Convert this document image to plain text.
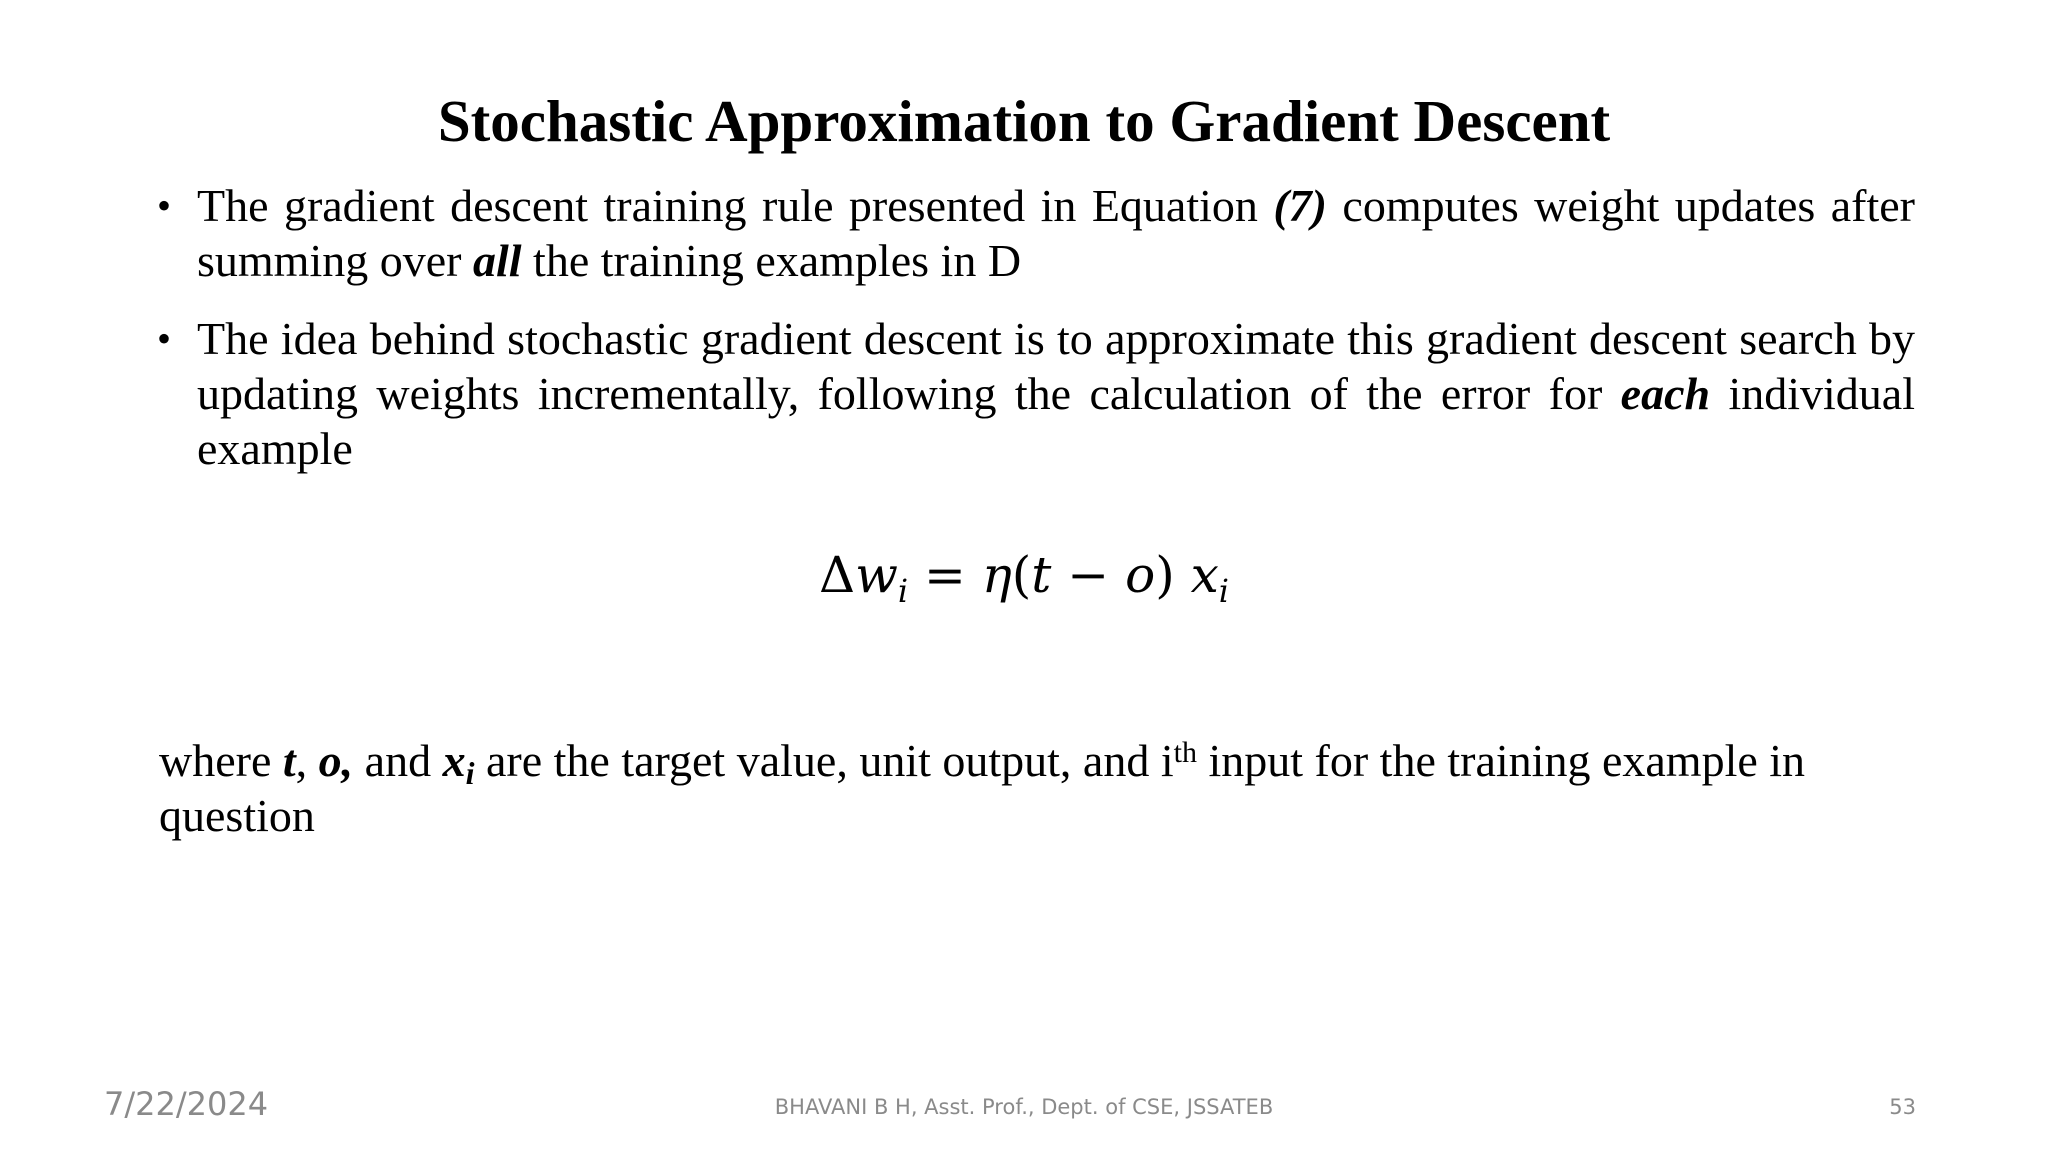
Stochastic Approximation to Gradient Descent
• The gradient descent training rule presented in Equation (7) computes weight updates after summing over all the training examples in D
• The idea behind stochastic gradient descent is to approximate this gradient descent search by updating weights incrementally, following the calculation of the error for each individual example
$\Delta w_i = \eta(t - o)$ $x_i$
where t, o, and $x_i$ are the target value, unit output, and $i^{th}$ input for the training example in question
7/22/2024	BHAVANI B H, Asst. Prof., Dept. of CSE, JSSATEB	53
